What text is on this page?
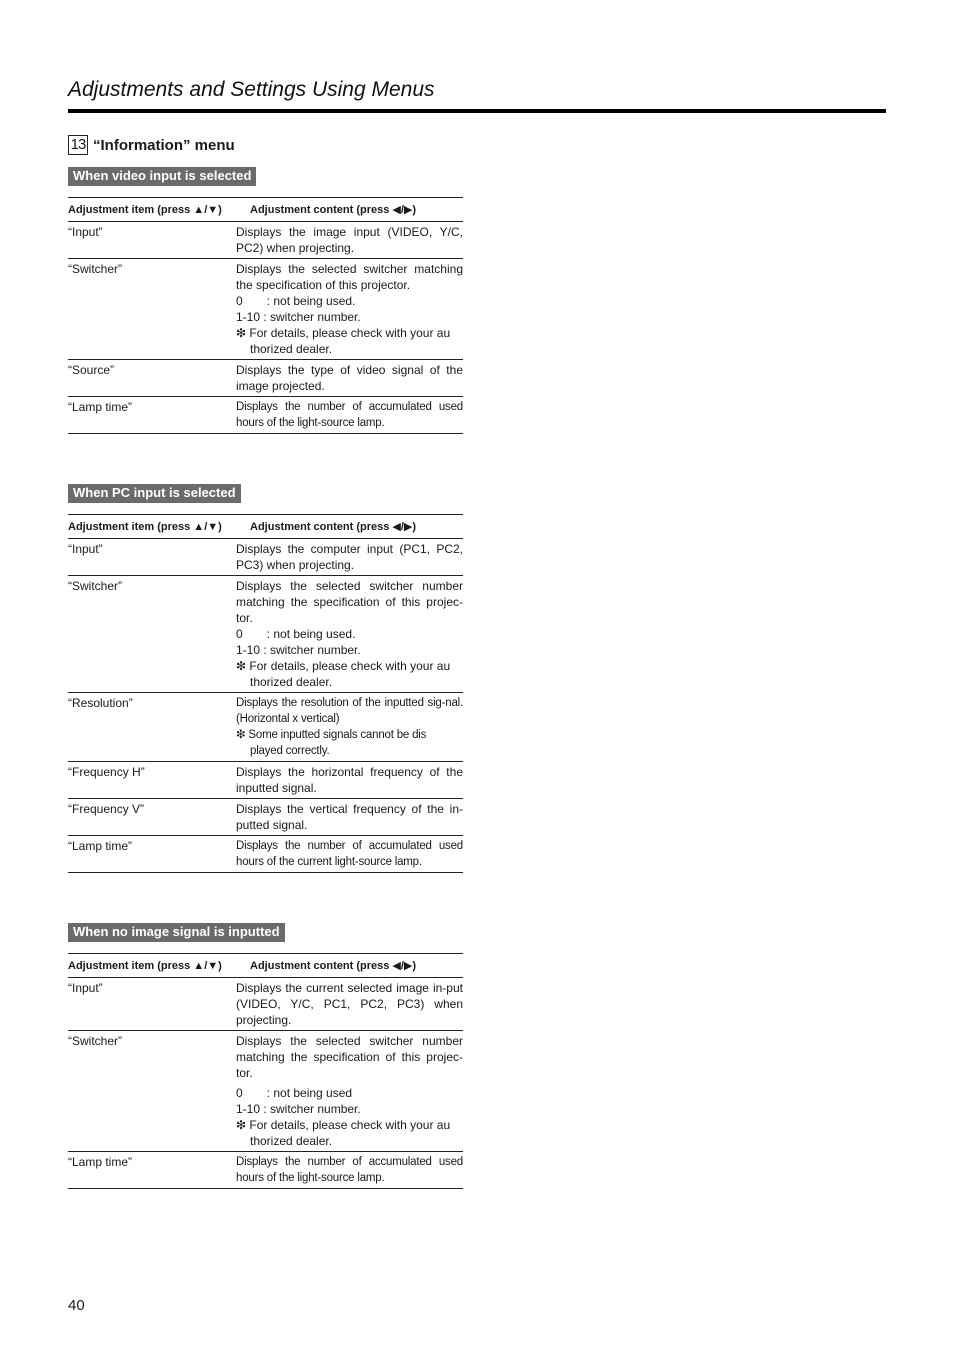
Adjustments and Settings Using Menus
13 “Information” menu
When video input is selected
Adjustment item (press ▲/▼)	Adjustment content (press ◀/▶)
“Input”	Displays the image input (VIDEO, Y/C, PC2) when projecting.

“Switcher”	Displays the selected switcher matching the specification of this projector.
0  : not being used.
1-10 : switcher number.
❇ For details, please check with your au
thorized dealer.

“Source”	Displays the type of video signal of the image projected.

“Lamp time”	Displays the number of accumulated used hours of the light-source lamp.
When PC input is selected
Adjustment item (press ▲/▼)	Adjustment content (press ◀/▶)
“Input”	Displays the computer input (PC1, PC2, PC3) when projecting.

“Switcher”	Displays the selected switcher number matching the specification of this projec-tor.
0  : not being used.
1-10 : switcher number.
❇ For details, please check with your au
thorized dealer.

“Resolution”	Displays the resolution of the inputted sig-nal. (Horizontal x vertical)
❇ Some inputted signals cannot be dis
played correctly.

“Frequency H”	Displays the horizontal frequency of the inputted signal.

“Frequency V”	Displays the vertical frequency of the in-putted signal.

“Lamp time”	Displays the number of accumulated used hours of the current light-source lamp.
When no image signal is inputted
Adjustment item (press ▲/▼)	Adjustment content (press ◀/▶)
“Input”	Displays the current selected image in-put (VIDEO, Y/C, PC1, PC2, PC3) when projecting.

“Switcher”	Displays the selected switcher number matching the specification of this projec-tor.
0  : not being used
1-10 : switcher number.
❇ For details, please check with your au
thorized dealer.

“Lamp time”	Displays the number of accumulated used hours of the light-source lamp.
40
